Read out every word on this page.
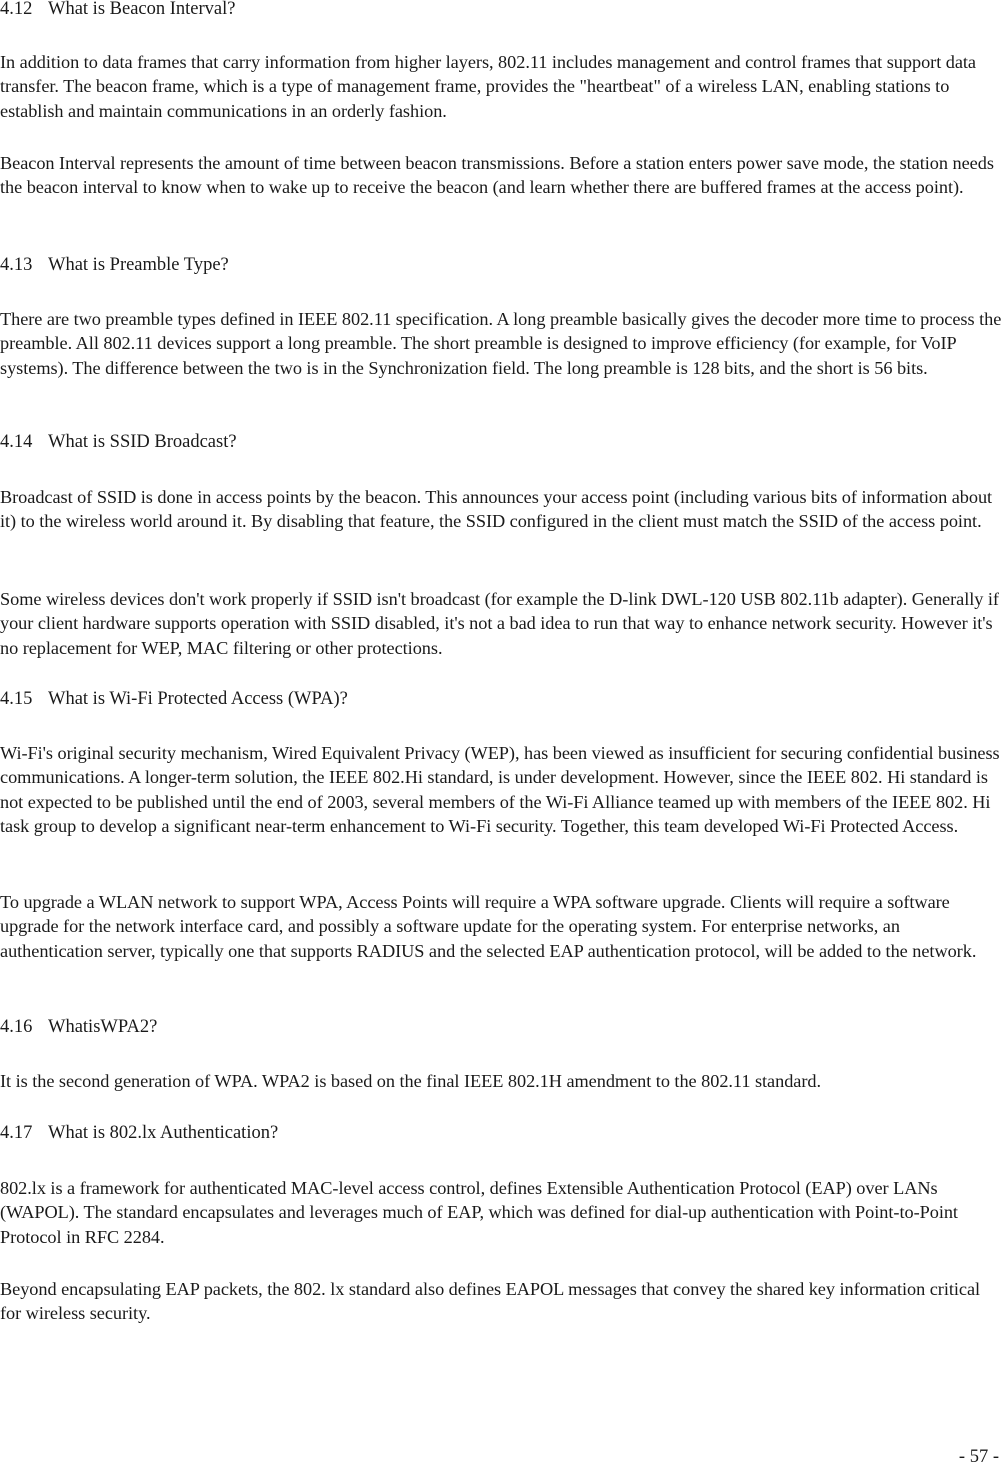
4.12 What is Beacon Interval?

In addition to data frames that carry information from higher layers, 802.11 includes management and control frames that support data transfer. The beacon frame, which is a type of management frame, provides the "heartbeat" of a wireless LAN, enabling stations to establish and maintain communications in an orderly fashion.

Beacon Interval represents the amount of time between beacon transmissions. Before a station enters power save mode, the station needs the beacon interval to know when to wake up to receive the beacon (and learn whether there are buffered frames at the access point).

4.13 What is Preamble Type?

There are two preamble types defined in IEEE 802.11 specification. A long preamble basically gives the decoder more time to process the preamble. All 802.11 devices support a long preamble. The short preamble is designed to improve efficiency (for example, for VoIP systems). The difference between the two is in the Synchronization field. The long preamble is 128 bits, and the short is 56 bits.

4.14 What is SSID Broadcast?

Broadcast of SSID is done in access points by the beacon. This announces your access point (including various bits of information about it) to the wireless world around it. By disabling that feature, the SSID configured in the client must match the SSID of the access point.

Some wireless devices don't work properly if SSID isn't broadcast (for example the D-link DWL-120 USB 802.11b adapter). Generally if your client hardware supports operation with SSID disabled, it's not a bad idea to run that way to enhance network security. However it's no replacement for WEP, MAC filtering or other protections.

4.15 What is Wi-Fi Protected Access (WPA)?

Wi-Fi's original security mechanism, Wired Equivalent Privacy (WEP), has been viewed as insufficient for securing confidential business communications. A longer-term solution, the IEEE 802.Hi standard, is under development. However, since the IEEE 802. Hi standard is not expected to be published until the end of 2003, several members of the Wi-Fi Alliance teamed up with members of the IEEE 802. Hi task group to develop a significant near-term enhancement to Wi-Fi security. Together, this team developed Wi-Fi Protected Access.

To upgrade a WLAN network to support WPA, Access Points will require a WPA software upgrade. Clients will require a software upgrade for the network interface card, and possibly a software update for the operating system. For enterprise networks, an authentication server, typically one that supports RADIUS and the selected EAP authentication protocol, will be added to the network.

4.16 WhatisWPA2?

It is the second generation of WPA. WPA2 is based on the final IEEE 802.1H amendment to the 802.11 standard.

4.17 What is 802.lx Authentication?

802.lx is a framework for authenticated MAC-level access control, defines Extensible Authentication Protocol (EAP) over LANs (WAPOL). The standard encapsulates and leverages much of EAP, which was defined for dial-up authentication with Point-to-Point Protocol in RFC 2284.

Beyond encapsulating EAP packets, the 802. lx standard also defines EAPOL messages that convey the shared key information critical for wireless security.

- 57 -
